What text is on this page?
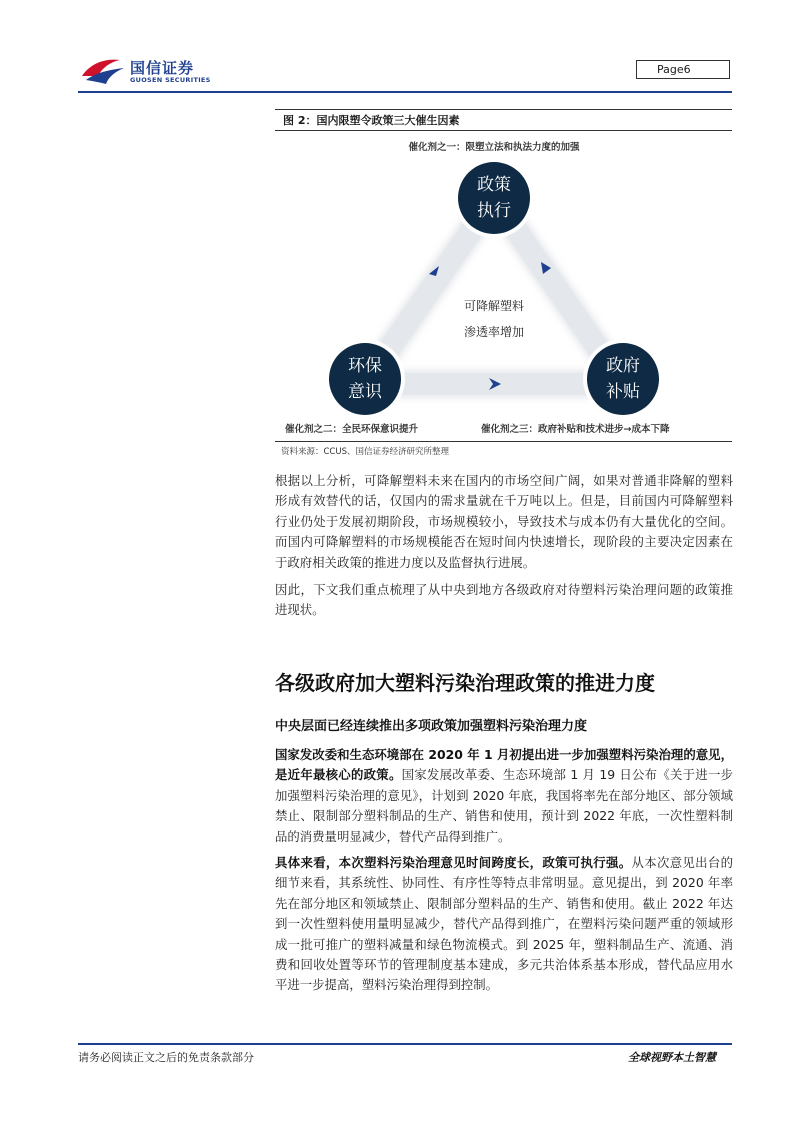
国信证券
GUOSEN SECURITIES
Page6
图 2：国内限塑令政策三大催生因素
可降解塑料
渗透率增加
催化剂之一：限塑立法和执法力度的加强
催化剂之二：全民环保意识提升	催化剂之三：政府补贴和技术进步→成本下降
政策
执行
环保
意识
政府
补贴
资料来源：CCUS、国信证券经济研究所整理
根据以上分析，可降解塑料未来在国内的市场空间广阔，如果对普通非降解的塑料形成有效替代的话，仅国内的需求量就在千万吨以上。但是，目前国内可降解塑料行业仍处于发展初期阶段，市场规模较小，导致技术与成本仍有大量优化的空间。而国内可降解塑料的市场规模能否在短时间内快速增长，现阶段的主要决定因素在于政府相关政策的推进力度以及监督执行进展。
因此，下文我们重点梳理了从中央到地方各级政府对待塑料污染治理问题的政策推进现状。
各级政府加大塑料污染治理政策的推进力度
中央层面已经连续推出多项政策加强塑料污染治理力度
国家发改委和生态环境部在 2020 年 1 月初提出进一步加强塑料污染治理的意见，是近年最核心的政策。国家发展改革委、生态环境部 1 月 19 日公布《关于进一步加强塑料污染治理的意见》，计划到 2020 年底，我国将率先在部分地区、部分领域禁止、限制部分塑料制品的生产、销售和使用，预计到 2022 年底，一次性塑料制品的消费量明显减少，替代产品得到推广。
具体来看，本次塑料污染治理意见时间跨度长，政策可执行强。从本次意见出台的细节来看，其系统性、协同性、有序性等特点非常明显。意见提出，到 2020 年率先在部分地区和领域禁止、限制部分塑料品的生产、销售和使用。截止 2022 年达到一次性塑料使用量明显减少，替代产品得到推广，在塑料污染问题严重的领域形成一批可推广的塑料减量和绿色物流模式。到 2025 年，塑料制品生产、流通、消费和回收处置等环节的管理制度基本建成，多元共治体系基本形成，替代品应用水平进一步提高，塑料污染治理得到控制。
请务必阅读正文之后的免责条款部分	全球视野本土智慧
